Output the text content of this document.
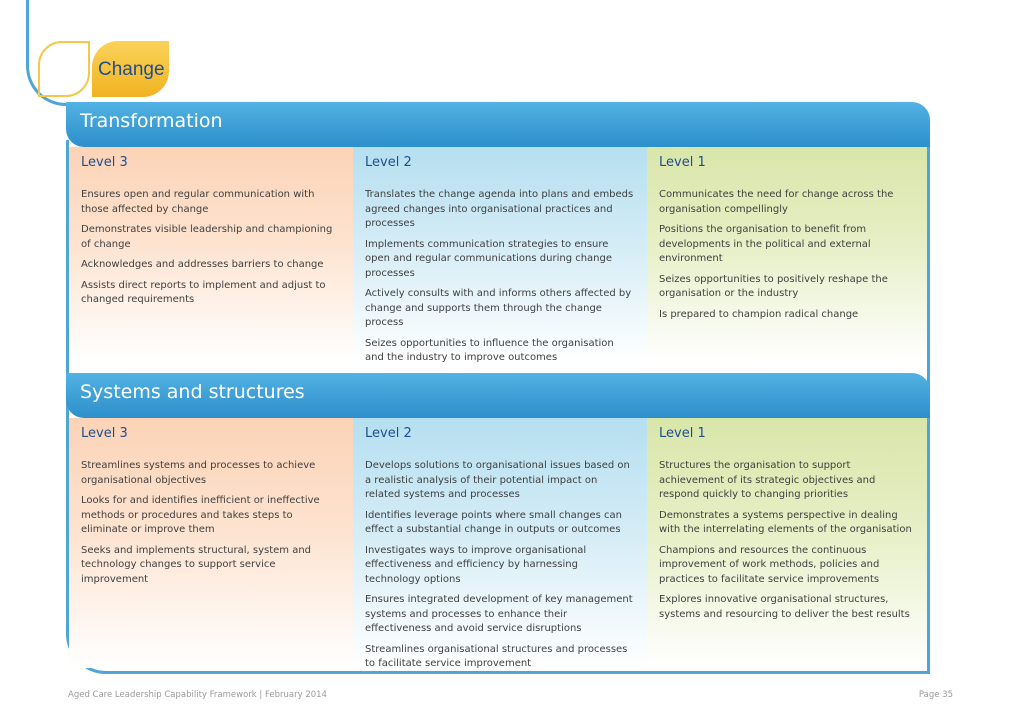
Change
Transformation
Level 3

Ensures open and regular communication with those affected by change

Demonstrates visible leadership and championing of change

Acknowledges and addresses barriers to change

Assists direct reports to implement and adjust to changed requirements

Level 2

Translates the change agenda into plans and embeds agreed changes into organisational practices and processes

Implements communication strategies to ensure open and regular communications during change processes

Actively consults with and informs others affected by change and supports them through the change process

Seizes opportunities to influence the organisation and the industry to improve outcomes

Level 1

Communicates the need for change across the organisation compellingly

Positions the organisation to benefit from developments in the political and external environment

Seizes opportunities to positively reshape the organisation or the industry

Is prepared to champion radical change

Systems and structures
Level 3

Streamlines systems and processes to achieve organisational objectives

Looks for and identifies inefficient or ineffective methods or procedures and takes steps to eliminate or improve them

Seeks and implements structural, system and technology changes to support service improvement

Level 2

Develops solutions to organisational issues based on a realistic analysis of their potential impact on related systems and processes

Identifies leverage points where small changes can effect a substantial change in outputs or outcomes

Investigates ways to improve organisational effectiveness and efficiency by harnessing technology options

Ensures integrated development of key management systems and processes to enhance their effectiveness and avoid service disruptions

Streamlines organisational structures and processes to facilitate service improvement

Level 1

Structures the organisation to support achievement of its strategic objectives and respond quickly to changing priorities

Demonstrates a systems perspective in dealing with the interrelating elements of the organisation

Champions and resources the continuous improvement of work methods, policies and practices to facilitate service improvements

Explores innovative organisational structures, systems and resourcing to deliver the best results

Aged Care Leadership Capability Framework | February 2014	Page 35
